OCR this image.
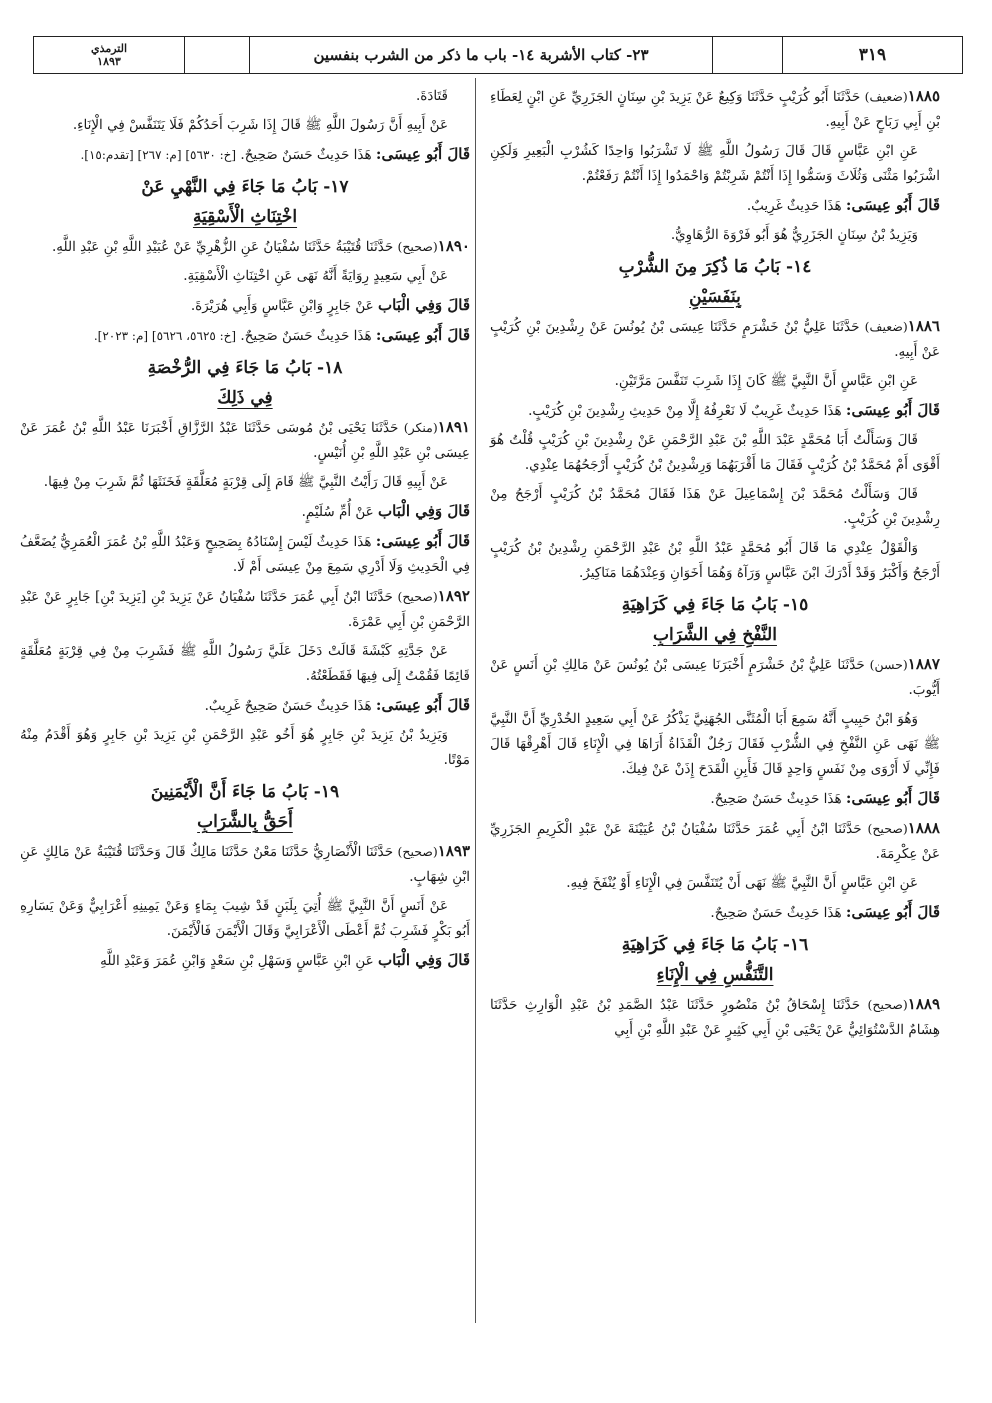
الترمذي
١٨٩٣	٢٣- كتاب الأشربة ١٤- باب ما ذكر من الشرب بنفسين	٣١٩

١٨٨٥(ضعيف) حَدَّثَنَا أَبُو كُرَيْبٍ حَدَّثَنَا وَكِيعٌ عَنْ يَزِيدَ بْنِ سِنَانٍ الجَزَرِيِّ عَنِ ابْنٍ لِعَطَاءِ بْنِ أَبِي رَبَاحٍ عَنْ أَبِيهِ.

عَنِ ابْنِ عَبَّاسٍ قَالَ قَالَ رَسُولُ اللَّهِ ﷺ لَا تَشْرَبُوا وَاحِدًا كَشُرْبِ الْبَعِيرِ وَلَكِنِ اشْرَبُوا مَثْنَى وَثُلَاثَ وَسَمُّوا إِذَا أَنْتُمْ شَرِبْتُمْ وَاحْمَدُوا إِذَا أَنْتُمْ رَفَعْتُمْ.

قَالَ أَبُو عِيسَى: هَذَا حَدِيثٌ غَرِيبٌ.

وَيَزِيدُ بْنُ سِنَانٍ الجَزَرِيُّ هُوَ أَبُو فَرْوَةَ الرُّهَاوِيُّ.

١٤- بَابُ مَا ذُكِرَ مِنَ الشُّرْبِ
بِنَفَسَيْنِ

١٨٨٦(ضعيف) حَدَّثَنَا عَلِيُّ بْنُ خَشْرَمٍ حَدَّثَنَا عِيسَى بْنُ يُونُسَ عَنْ رِشْدِينَ بْنِ كُرَيْبٍ عَنْ أَبِيهِ.

عَنِ ابْنِ عَبَّاسٍ أَنَّ النَّبِيَّ ﷺ كَانَ إِذَا شَرِبَ تَنَفَّسَ مَرَّتَيْنِ.

قَالَ أَبُو عِيسَى: هَذَا حَدِيثٌ غَرِيبٌ لَا نَعْرِفُهُ إِلَّا مِنْ حَدِيثِ رِشْدِينَ بْنِ كُرَيْبٍ.

قَالَ وَسَأَلْتُ أَبَا مُحَمَّدٍ عَبْدَ اللَّهِ بْنَ عَبْدِ الرَّحْمَنِ عَنْ رِشْدِينَ بْنِ كُرَيْبٍ قُلْتُ هُوَ أَقْوَى أَمْ مُحَمَّدُ بْنُ كُرَيْبٍ فَقَالَ مَا أَقْرَبَهُمَا وَرِشْدِينُ بْنُ كُرَيْبٍ أَرْجَحُهُمَا عِنْدِي.

قَالَ وَسَأَلْتُ مُحَمَّدَ بْنَ إِسْمَاعِيلَ عَنْ هَذَا فَقَالَ مُحَمَّدُ بْنُ كُرَيْبٍ أَرْجَحُ مِنْ رِشْدِينَ بْنِ كُرَيْبٍ.

وَالْقَوْلُ عِنْدِي مَا قَالَ أَبُو مُحَمَّدٍ عَبْدُ اللَّهِ بْنُ عَبْدِ الرَّحْمَنِ رِشْدِينُ بْنُ كُرَيْبٍ أَرْجَحُ وَأَكْبَرُ وَقَدْ أَدْرَكَ ابْنَ عَبَّاسٍ وَرَآهُ وَهُمَا أَخَوَانِ وَعِنْدَهُمَا مَنَاكِيرُ.

١٥- بَابُ مَا جَاءَ فِي كَرَاهِيَةِ
النَّفْخِ فِي الشَّرَابِ

١٨٨٧(حسن) حَدَّثَنَا عَلِيُّ بْنُ خَشْرَمٍ أَخْبَرَنَا عِيسَى بْنُ يُونُسَ عَنْ مَالِكِ بْنِ أَنَسٍ عَنْ أَيُّوبَ.

وَهُوَ ابْنُ حَبِيبٍ أَنَّهُ سَمِعَ أَبَا الْمُثَنَّى الجُهَنِيَّ يَذْكُرُ عَنْ أَبِي سَعِيدٍ الخُدْرِيِّ أَنَّ النَّبِيَّ ﷺ نَهَى عَنِ النَّفْخِ فِي الشُّرْبِ فَقَالَ رَجُلٌ الْقَذَاةُ أَرَاهَا فِي الْإِنَاءِ قَالَ أَهْرِقْهَا قَالَ فَإِنِّي لَا أَرْوَى مِنْ نَفَسٍ وَاحِدٍ قَالَ فَأَبِنِ الْقَدَحَ إِذَنْ عَنْ فِيكَ.

قَالَ أَبُو عِيسَى: هَذَا حَدِيثٌ حَسَنٌ صَحِيحٌ.

١٨٨٨(صحيح) حَدَّثَنَا ابْنُ أَبِي عُمَرَ حَدَّثَنَا سُفْيَانُ بْنُ عُيَيْنَةَ عَنْ عَبْدِ الْكَرِيمِ الجَزَرِيِّ عَنْ عِكْرِمَةَ.

عَنِ ابْنِ عَبَّاسٍ أَنَّ النَّبِيَّ ﷺ نَهَى أَنْ يُتَنَفَّسَ فِي الْإِنَاءِ أَوْ يُنْفَخَ فِيهِ.

قَالَ أَبُو عِيسَى: هَذَا حَدِيثٌ حَسَنٌ صَحِيحٌ.

١٦- بَابُ مَا جَاءَ فِي كَرَاهِيَةِ
التَّنَفُّسِ فِي الْإِنَاءِ

١٨٨٩(صحيح) حَدَّثَنَا إِسْحَاقُ بْنُ مَنْصُورٍ حَدَّثَنَا عَبْدُ الصَّمَدِ بْنُ عَبْدِ الْوَارِثِ حَدَّثَنَا هِشَامٌ الدَّسْتُوَائِيُّ عَنْ يَحْيَى بْنِ أَبِي كَثِيرٍ عَنْ عَبْدِ اللَّهِ بْنِ أَبِي

قَتَادَةَ.

عَنْ أَبِيهِ أَنَّ رَسُولَ اللَّهِ ﷺ قَالَ إِذَا شَرِبَ أَحَدُكُمْ فَلَا يَتَنَفَّسْ فِي الْإِنَاءِ.

قَالَ أَبُو عِيسَى: هَذَا حَدِيثٌ حَسَنٌ صَحِيحٌ. [خ: ٥٦٣٠] [م: ٢٦٧] [تقدم:١٥].

١٧- بَابُ مَا جَاءَ فِي النَّهْيِ عَنْ
اخْتِنَاثِ الْأَسْقِيَةِ

١٨٩٠(صحيح) حَدَّثَنَا قُتَيْبَةُ حَدَّثَنَا سُفْيَانُ عَنِ الزُّهْرِيِّ عَنْ عُبَيْدِ اللَّهِ بْنِ عَبْدِ اللَّهِ.

عَنْ أَبِي سَعِيدٍ رِوَايَةً أَنَّهُ نَهَى عَنِ اخْتِنَاثِ الْأَسْقِيَةِ.

قَالَ وَفِي الْبَاب عَنْ جَابِرٍ وَابْنِ عَبَّاسٍ وَأَبِي هُرَيْرَةَ.

قَالَ أَبُو عِيسَى: هَذَا حَدِيثٌ حَسَنٌ صَحِيحٌ. [خ: ٥٦٢٥، ٥٦٢٦] [م: ٢٠٢٣].

١٨- بَابُ مَا جَاءَ فِي الرُّخْصَةِ
فِي ذَلِكَ

١٨٩١(منكر) حَدَّثَنَا يَحْيَى بْنُ مُوسَى حَدَّثَنَا عَبْدُ الرَّزَّاقِ أَخْبَرَنَا عَبْدُ اللَّهِ بْنُ عُمَرَ عَنْ عِيسَى بْنِ عَبْدِ اللَّهِ بْنِ أُنَيْسٍ.

عَنْ أَبِيهِ قَالَ رَأَيْتُ النَّبِيَّ ﷺ قَامَ إِلَى قِرْبَةٍ مُعَلَّقَةٍ فَخَنَثَهَا ثُمَّ شَرِبَ مِنْ فِيهَا.

قَالَ وَفِي الْبَاب عَنْ أُمِّ سُلَيْمٍ.

قَالَ أَبُو عِيسَى: هَذَا حَدِيثٌ لَيْسَ إِسْنَادُهُ بِصَحِيحٍ وَعَبْدُ اللَّهِ بْنُ عُمَرَ الْعُمَرِيُّ يُضَعَّفُ فِي الْحَدِيثِ وَلَا أَدْرِي سَمِعَ مِنْ عِيسَى أَمْ لَا.

١٨٩٢(صحيح) حَدَّثَنَا ابْنُ أَبِي عُمَرَ حَدَّثَنَا سُفْيَانُ عَنْ يَزِيدَ بْنِ [يَزِيدَ بْنِ] جَابِرٍ عَنْ عَبْدِ الرَّحْمَنِ بْنِ أَبِي عَمْرَةَ.

عَنْ جَدَّتِهِ كَبْشَةَ قَالَتْ دَخَلَ عَلَيَّ رَسُولُ اللَّهِ ﷺ فَشَرِبَ مِنْ فِي قِرْبَةٍ مُعَلَّقَةٍ قَائِمًا فَقُمْتُ إِلَى فِيهَا فَقَطَعْتُهُ.

قَالَ أَبُو عِيسَى: هَذَا حَدِيثٌ حَسَنٌ صَحِيحٌ غَرِيبٌ.

وَيَزِيدُ بْنُ يَزِيدَ بْنِ جَابِرٍ هُوَ أَخُو عَبْدِ الرَّحْمَنِ بْنِ يَزِيدَ بْنِ جَابِرٍ وَهُوَ أَقْدَمُ مِنْهُ مَوْتًا.

١٩- بَابُ مَا جَاءَ أَنَّ الْأَيْمَنِينَ
أَحَقُّ بِالشَّرَابِ

١٨٩٣(صحيح) حَدَّثَنَا الْأَنْصَارِيُّ حَدَّثَنَا مَعْنٌ حَدَّثَنَا مَالِكٌ قَالَ وَحَدَّثَنَا قُتَيْبَةُ عَنْ مَالِكٍ عَنِ ابْنِ شِهَابٍ.

عَنْ أَنَسٍ أَنَّ النَّبِيَّ ﷺ أُتِيَ بِلَبَنٍ قَدْ شِيبَ بِمَاءٍ وَعَنْ يَمِينِهِ أَعْرَابِيٌّ وَعَنْ يَسَارِهِ أَبُو بَكْرٍ فَشَرِبَ ثُمَّ أَعْطَى الْأَعْرَابِيَّ وَقَالَ الْأَيْمَنَ فَالْأَيْمَنَ.

قَالَ وَفِي الْبَاب عَنِ ابْنِ عَبَّاسٍ وَسَهْلِ بْنِ سَعْدٍ وَابْنِ عُمَرَ وَعَبْدِ اللَّهِ
